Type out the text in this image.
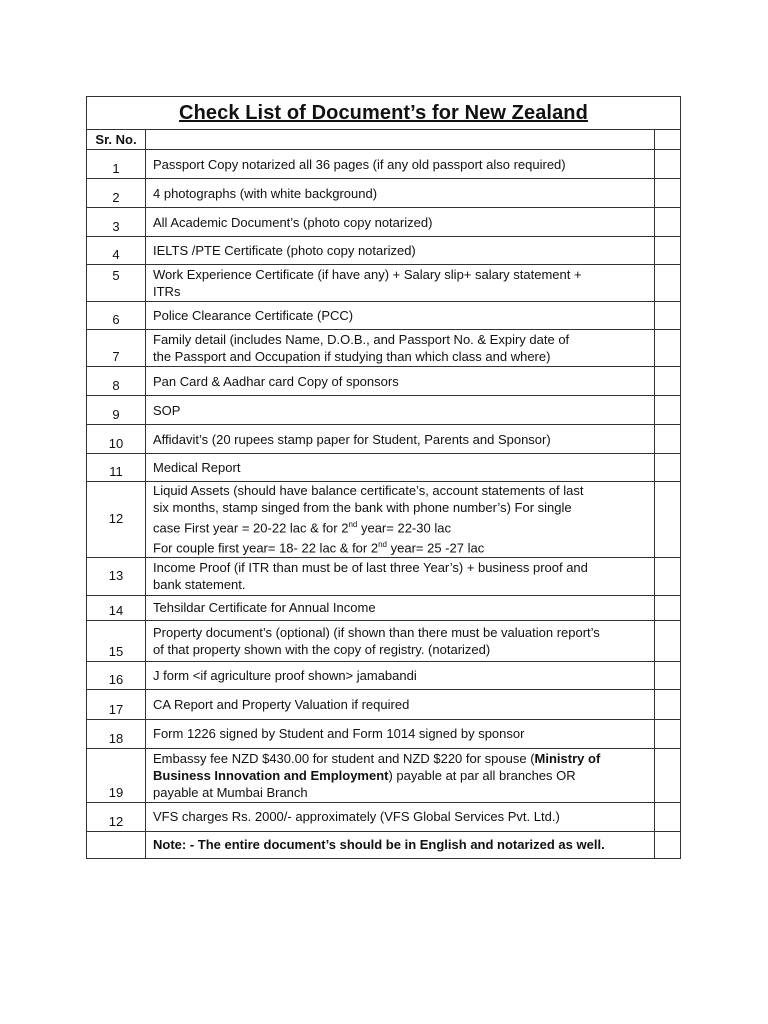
Check List of Document’s for New Zealand
Sr. No.		
1	Passport Copy notarized all 36 pages (if any old passport also required)	

2	4 photographs (with white background)	

3	All Academic Document’s (photo copy notarized)	

4	IELTS /PTE Certificate (photo copy notarized)	

5	Work Experience Certificate (if have any) + Salary slip+ salary statement +
ITRs	

6	Police Clearance Certificate (PCC)	

7	Family detail (includes Name, D.O.B., and Passport No. & Expiry date of
the Passport and Occupation if studying than which class and where)	

8	Pan Card & Aadhar card Copy of sponsors	

9	SOP	

10	Affidavit’s (20 rupees stamp paper for Student, Parents and Sponsor)	

11	Medical Report	

12	Liquid Assets (should have balance certificate’s, account statements of last
six months, stamp singed from the bank with phone number’s) For single
case First year = 20-22 lac & for 2nd year= 22-30 lac
For couple first year= 18- 22 lac & for 2nd year= 25 -27 lac	

13	Income Proof (if ITR than must be of last three Year’s) + business proof and
bank statement.	

14	Tehsildar Certificate for Annual Income	

15	Property document’s (optional) (if shown than there must be valuation report’s
of that property shown with the copy of registry. (notarized)	

16	J form <if agriculture proof shown> jamabandi	

17	CA Report and Property Valuation if required	

18	Form 1226 signed by Student and Form 1014 signed by sponsor	

19	Embassy fee NZD $430.00 for student and NZD $220 for spouse (Ministry of
Business Innovation and Employment) payable at par all branches OR
payable at Mumbai Branch	

12	VFS charges Rs. 2000/- approximately (VFS Global Services Pvt. Ltd.)	

	Note: - The entire document’s should be in English and notarized as well.	
